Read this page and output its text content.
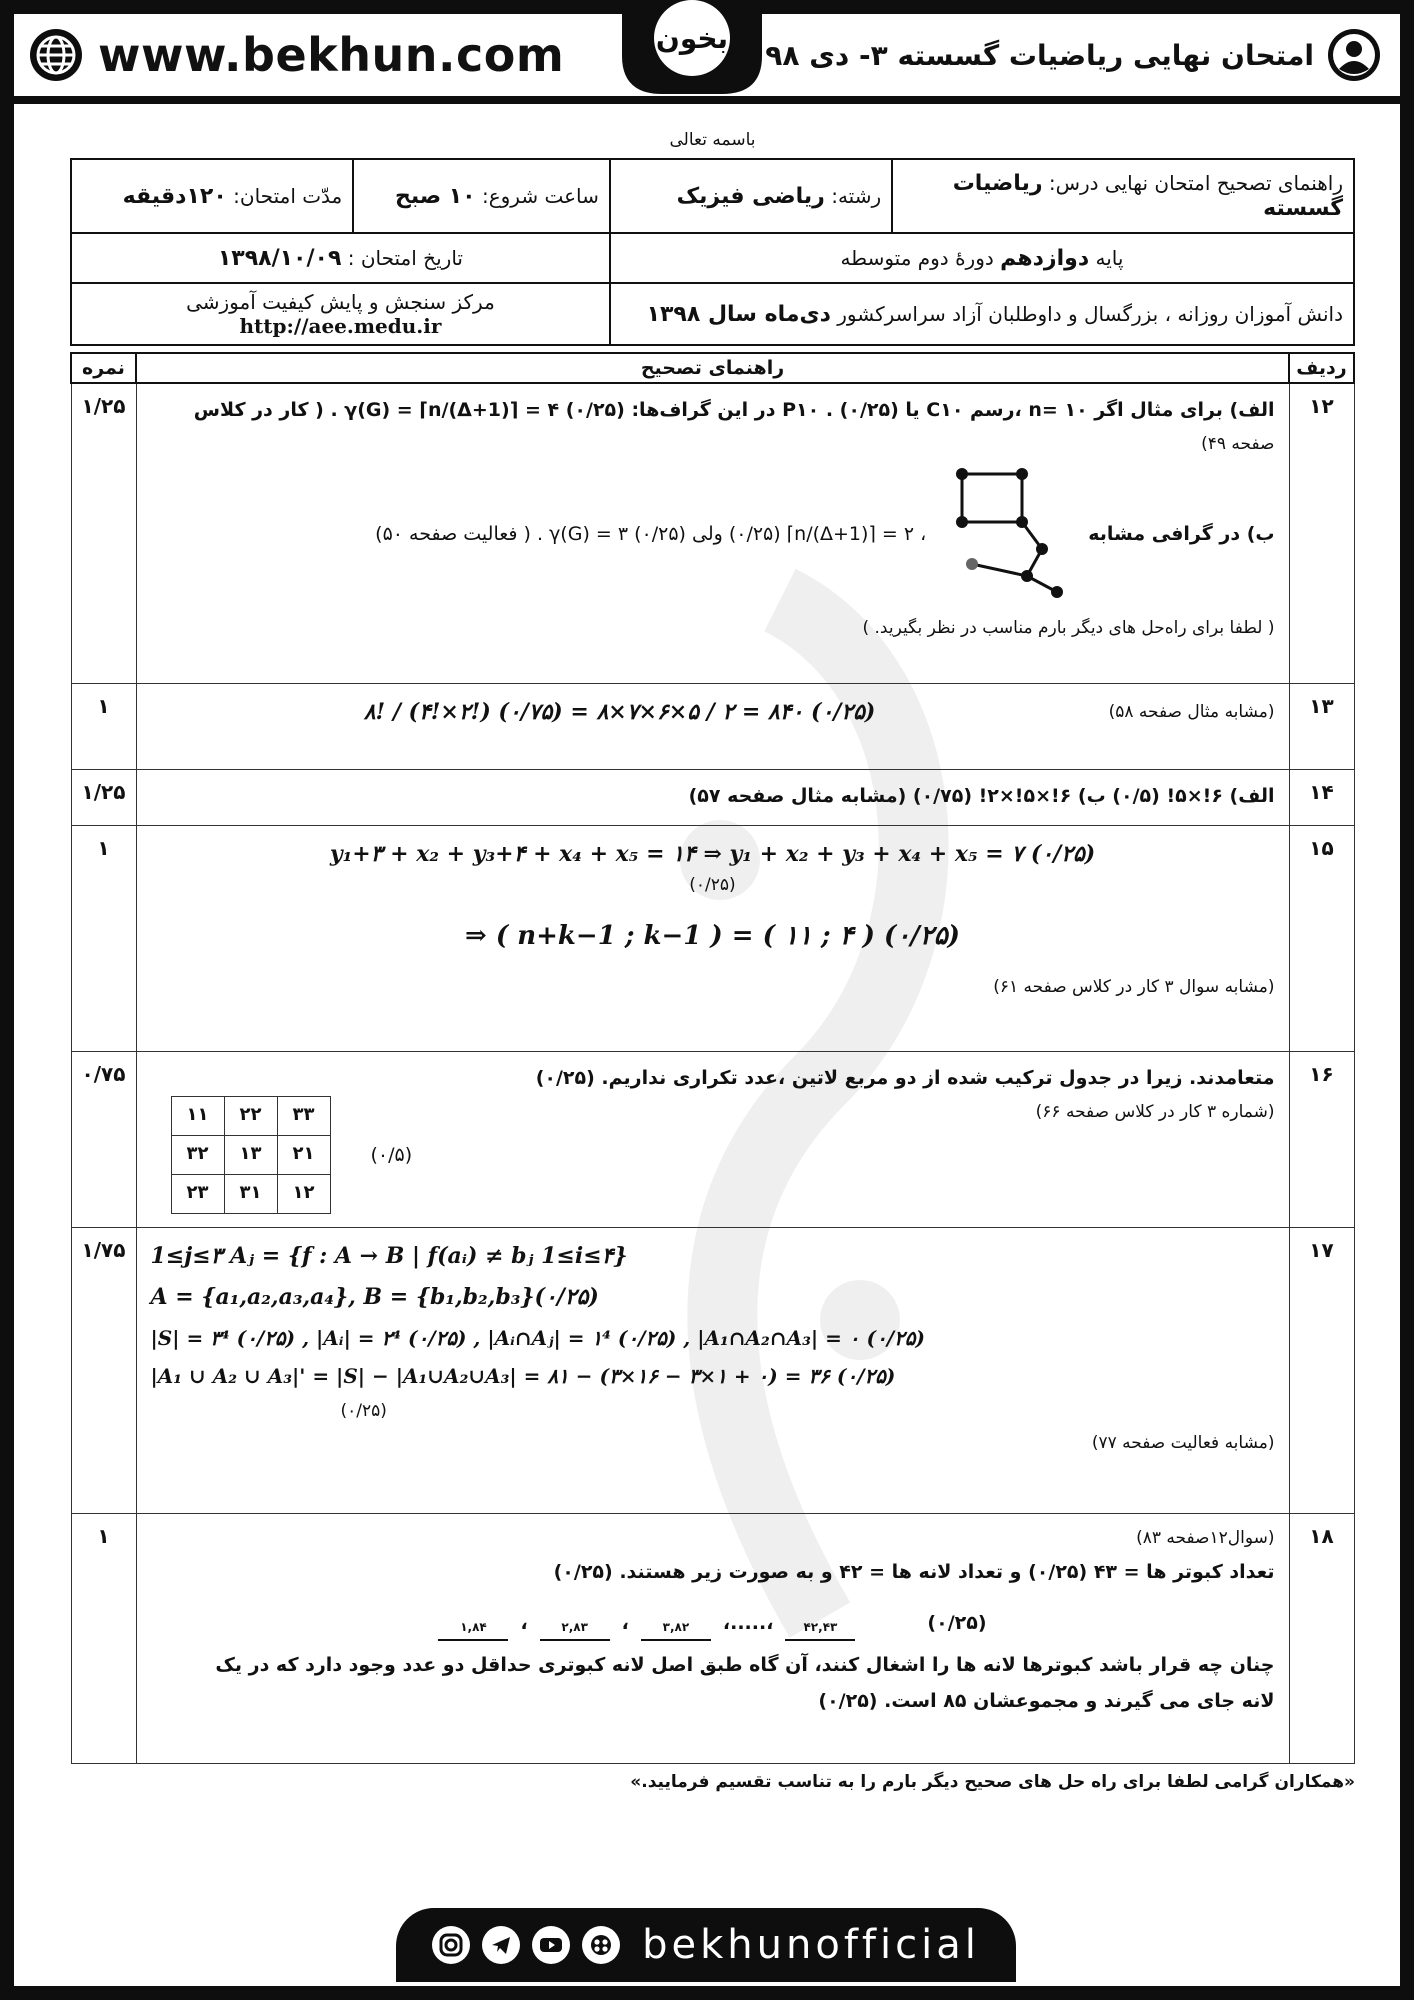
www.bekhun.com	امتحان نهایی ریاضیات گسسته ۳- دی ۹۸
بخون
باسمه تعالی
راهنمای تصحیح امتحان نهایی درس: ریاضیات گسسته	رشته: ریاضی فیزیک	ساعت شروع: ۱۰ صبح	مدّت امتحان: ۱۲۰دقیقه
پایه دوازدهم دورهٔ دوم متوسطه		تاریخ امتحان : ۱۳۹۸/۱۰/۰۹	
دانش آموزان روزانه ، بزرگسال و داوطلبان آزاد سراسرکشور دی‌ماه سال ۱۳۹۸		مرکز سنجش و پایش کیفیت آموزشی
http://aee.medu.ir	
ردیف	راهنمای تصحیح	نمره
۱۲	
الف) برای مثال اگر n= ۱۰ ،رسم C۱۰ یا P۱۰ . (۰/۲۵) در این گراف‌ها: γ(G) = ⌈n/(Δ+1)⌉ = ۴ (۰/۲۵) . ( کار در کلاس
صفحه ۴۹)
ب) در گرافی مشابه
، ۲ = ⌈n/(Δ+1)⌉ (۰/۲۵) ولی γ(G) = ۳ (۰/۲۵) . ( فعالیت صفحه ۵۰)
( لطفا برای راه‌حل های دیگر بارم مناسب در نظر بگیرید. )
	۱/۲۵
۱۳	
(مشابه مثال صفحه ۵۸)
۸! / (۴!×۲!) (۰/۷۵) = ۸×۷×۶×۵ / ۲ = ۸۴۰ (۰/۲۵)
	۱
۱۴	الف) ۶!×۵! (۰/۵) ب) ۶!×۵!×۲! (۰/۷۵) (مشابه مثال صفحه ۵۷)	۱/۲۵
۱۵	
y₁+۳ + x₂ + y₃+۴ + x₄ + x₅ = ۱۴ ⇒ y₁ + x₂ + y₃ + x₄ + x₅ = ۷ (۰/۲۵)
(۰/۲۵)
⇒ ( n+k−1 ; k−1 ) = ( ۱۱ ; ۴ ) (۰/۲۵)
(مشابه سوال ۳ کار در کلاس صفحه ۶۱)
	۱
۱۶	
متعامدند. زیرا در جدول ترکیب شده از دو مربع لاتین ،عدد تکراری نداریم. (۰/۲۵)
(شماره ۳ کار در کلاس صفحه ۶۶)
(۰/۵)
۳۳	۲۲	۱۱
۲۱	۱۳	۳۲
۱۲	۳۱	۲۳
	۰/۷۵
۱۷	
1≤j≤۳ Aⱼ = {f : A → B | f(aᵢ) ≠ bⱼ 1≤i≤۴}
A = {a₁,a₂,a₃,a₄}, B = {b₁,b₂,b₃}(۰/۲۵)
|S| = ۳⁴ (۰/۲۵) , |Aᵢ| = ۲⁴ (۰/۲۵) , |Aᵢ∩Aⱼ| = ۱⁴ (۰/۲۵) , |A₁∩A₂∩A₃| = ۰ (۰/۲۵)
|A₁ ∪ A₂ ∪ A₃|' = |S| − |A₁∪A₂∪A₃| = ۸۱ − (۳×۱۶ − ۳×۱ + ۰) = ۳۶ (۰/۲۵)
(۰/۲۵)
(مشابه فعالیت صفحه ۷۷)
	۱/۷۵
۱۸	
(سوال۱۲صفحه ۸۳)
تعداد کبوتر ها = ۴۳ (۰/۲۵) و تعداد لانه ها = ۴۲ و به صورت زیر هستند. (۰/۲۵)
۱,۸۴	،	۲,۸۳	،	۳,۸۲	،.....،	۴۲,۴۳	(۰/۲۵)
چنان چه قرار باشد کبوترها لانه ها را اشغال کنند، آن گاه طبق اصل لانه کبوتری حداقل دو عدد وجود دارد که در یک
لانه جای می گیرند و مجموعشان ۸۵ است. (۰/۲۵)
	۱
«همکاران گرامی لطفا برای راه حل های صحیح دیگر بارم را به تناسب تقسیم فرمایید.»
bekhunofficial
